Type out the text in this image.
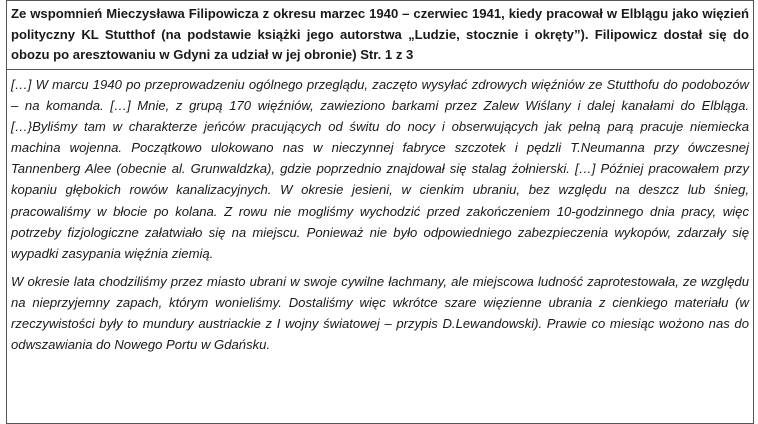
Ze wspomnień Mieczysława Filipowicza z okresu marzec 1940 – czerwiec 1941, kiedy pracował w Elblągu jako więzień polityczny KL Stutthof (na podstawie książki jego autorstwa „Ludzie, stocznie i okręty”). Filipowicz dostał się do obozu po aresztowaniu w Gdyni za udział w jej obronie) Str. 1 z 3

[…] W marcu 1940 po przeprowadzeniu ogólnego przeglądu, zaczęto wysyłać zdrowych więźniów ze Stutthofu do podobozów – na komanda. […] Mnie, z grupą 170 więźniów, zawieziono barkami przez Zalew Wiślany i dalej kanałami do Elbląga. […}Byliśmy tam w charakterze jeńców pracujących od świtu do nocy i obserwujących jak pełną parą pracuje niemiecka machina wojenna. Początkowo ulokowano nas w nieczynnej fabryce szczotek i pędzli T.Neumanna przy ówczesnej Tannenberg Alee (obecnie al. Grunwaldzka), gdzie poprzednio znajdował się stalag żołnierski. […] Później pracowałem przy kopaniu głębokich rowów kanalizacyjnych. W okresie jesieni, w cienkim ubraniu, bez względu na deszcz lub śnieg, pracowaliśmy w błocie po kolana. Z rowu nie mogliśmy wychodzić przed zakończeniem 10-godzinnego dnia pracy, więc potrzeby fizjologiczne załatwiało się na miejscu. Ponieważ nie było odpowiedniego zabezpieczenia wykopów, zdarzały się wypadki zasypania więźnia ziemią.

W okresie lata chodziliśmy przez miasto ubrani w swoje cywilne łachmany, ale miejscowa ludność zaprotestowała, ze względu na nieprzyjemny zapach, którym wonieliśmy. Dostaliśmy więc wkrótce szare więzienne ubrania z cienkiego materiału (w rzeczywistości były to mundury austriackie z I wojny światowej – przypis D.Lewandowski). Prawie co miesiąc wożono nas do odwszawiania do Nowego Portu w Gdańsku.
